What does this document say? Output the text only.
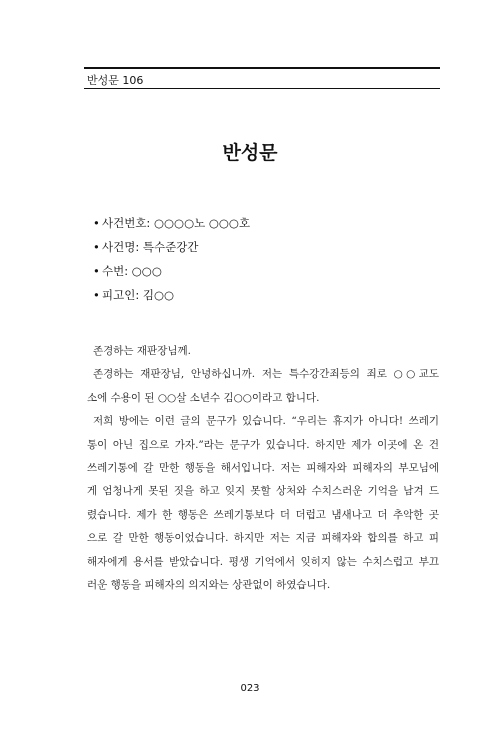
반성문 106
반성문
• 사건번호: ○○○○노 ○○○호
• 사건명: 특수준강간
• 수번: ○○○
• 피고인: 김○○
존경하는 재판장님께.
존경하는 재판장님, 안녕하십니까. 저는 특수강간죄등의 죄로 ○○교도
소에 수용이 된 ○○살 소년수 김○○이라고 합니다.
저희 방에는 이런 글의 문구가 있습니다. “우리는 휴지가 아니다! 쓰레기
통이 아닌 집으로 가자.”라는 문구가 있습니다. 하지만 제가 이곳에 온 건
쓰레기통에 갈 만한 행동을 해서입니다. 저는 피해자와 피해자의 부모님에
게 엄청나게 못된 짓을 하고 잊지 못할 상처와 수치스러운 기억을 남겨 드
렸습니다. 제가 한 행동은 쓰레기통보다 더 더럽고 냄새나고 더 추악한 곳
으로 갈 만한 행동이었습니다. 하지만 저는 지금 피해자와 합의를 하고 피
해자에게 용서를 받았습니다. 평생 기억에서 잊히지 않는 수치스럽고 부끄
러운 행동을 피해자의 의지와는 상관없이 하였습니다.
023
